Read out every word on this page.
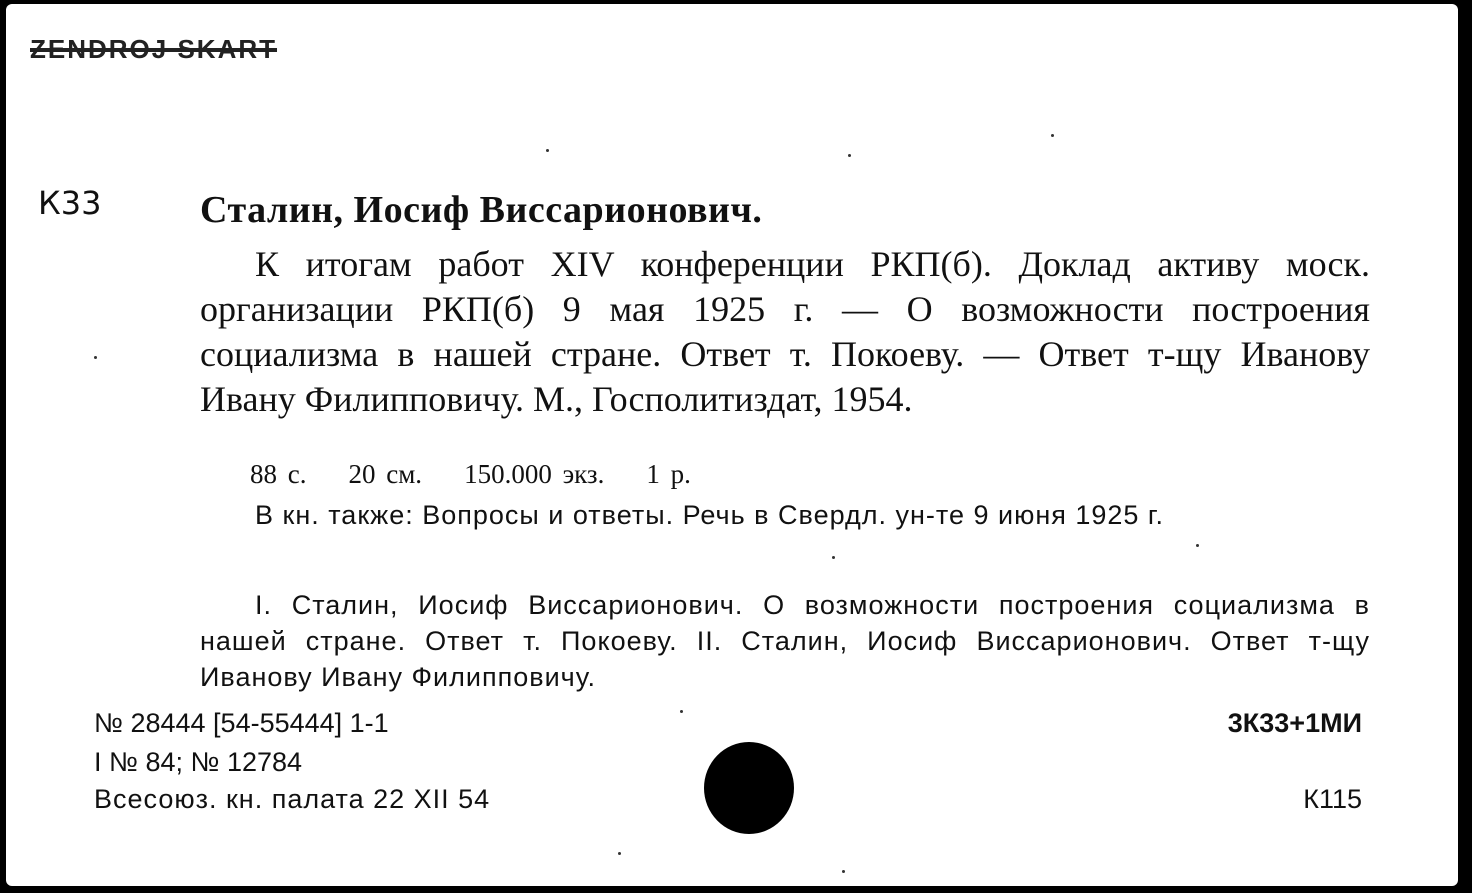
ZENDROJ SKART
К33	Сталин, Иосиф Виссарионович.
К итогам работ XIV конференции РКП(б). Доклад активу моск. организации РКП(б) 9 мая 1925 г. — О возможности построения социализма в нашей стране. Ответ т. Покоеву. — Ответ т-щу Иванову Ивану Филипповичу. М., Госполитиздат, 1954.
88 с. 20 см. 150.000 экз. 1 р.
В кн. также: Вопросы и ответы. Речь в Свердл. ун-те 9 июня 1925 г.
I. Сталин, Иосиф Виссарионович. О возможности построения социализма в нашей стране. Ответ т. Покоеву. II. Сталин, Иосиф Виссарионович. Ответ т-щу Иванову Ивану Филипповичу.
№ 28444 [54-55444] 1-1
I № 84; № 12784
Всесоюз. кн. палата 22 XII 54
3К33+1МИ
К115
